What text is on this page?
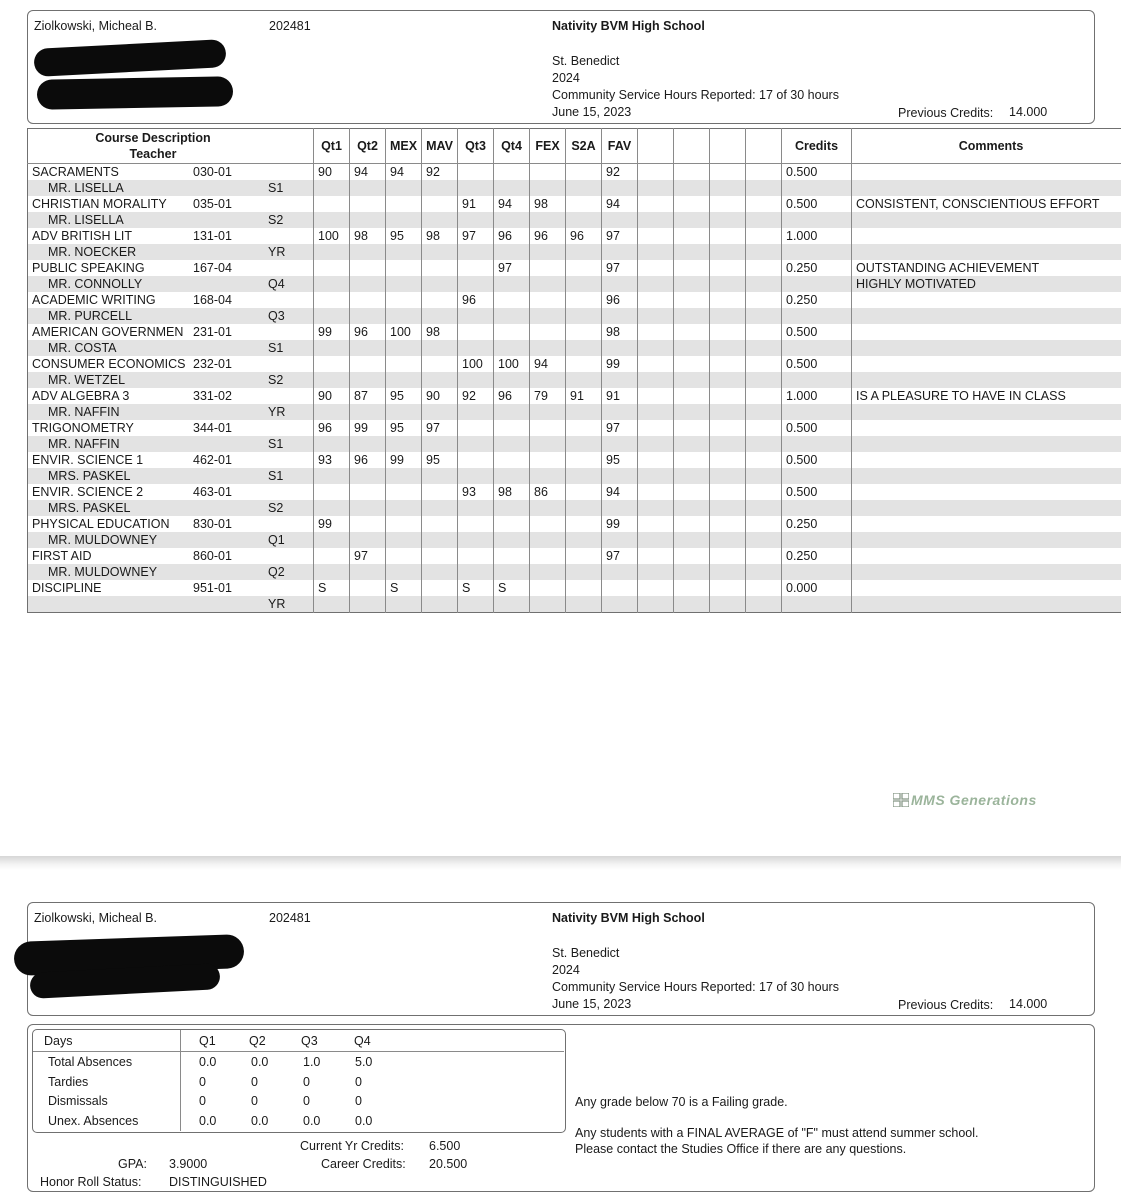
Ziolkowski, Micheal B.	202481	Nativity BVM High School
St. Benedict
2024
Community Service Hours Reported: 17 of 30 hours
June 15, 2023	Previous Credits: 14.000
Course Description
Teacher	Qt1	Qt2	MEX	MAV	Qt3	Qt4	FEX	S2A	FAV					Credits	Comments
SACRAMENTS 030-01	90	94	94	92					92					0.500	
MR. LISELLA S1															

CHRISTIAN MORALITY 035-01					91	94	98		94					0.500	CONSISTENT, CONSCIENTIOUS EFFORT
MR. LISELLA S2															

ADV BRITISH LIT 131-01	100	98	95	98	97	96	96	96	97					1.000	
MR. NOECKER YR															

PUBLIC SPEAKING 167-04						97			97					0.250	OUTSTANDING ACHIEVEMENT
MR. CONNOLLY Q4															HIGHLY MOTIVATED
ACADEMIC WRITING 168-04					96				96					0.250	
MR. PURCELL Q3															

AMERICAN GOVERNMEN 231-01	99	96	100	98					98					0.500	
MR. COSTA S1															

CONSUMER ECONOMICS 232-01					100	100	94		99					0.500	
MR. WETZEL S2															

ADV ALGEBRA 3 331-02	90	87	95	90	92	96	79	91	91					1.000	IS A PLEASURE TO HAVE IN CLASS
MR. NAFFIN YR															

TRIGONOMETRY 344-01	96	99	95	97					97					0.500	
MR. NAFFIN S1															

ENVIR. SCIENCE 1 462-01	93	96	99	95					95					0.500	
MRS. PASKEL S1															

ENVIR. SCIENCE 2 463-01					93	98	86		94					0.500	
MRS. PASKEL S2															

PHYSICAL EDUCATION 830-01	99								99					0.250	
MR. MULDOWNEY Q1															

FIRST AID 860-01		97							97					0.250	
MR. MULDOWNEY Q2															

DISCIPLINE 951-01	S		S		S	S								0.000	

YR															

MMS Generations
Ziolkowski, Micheal B.	202481	Nativity BVM High School
St. Benedict
2024
Community Service Hours Reported: 17 of 30 hours
June 15, 2023	Previous Credits: 14.000
Days	Q1	Q2	Q3	Q4
Total Absences	0.0	0.0	1.0	5.0
Tardies	0	0	0	0
Dismissals	0	0	0	0
Unex. Absences	0.0	0.0	0.0	0.0
Current Yr Credits: 6.500
Career Credits: 20.500
GPA: 3.9000
Honor Roll Status: DISTINGUISHED
Any grade below 70 is a Failing grade.
Any students with a FINAL AVERAGE of "F" must attend summer school.
Please contact the Studies Office if there are any questions.
